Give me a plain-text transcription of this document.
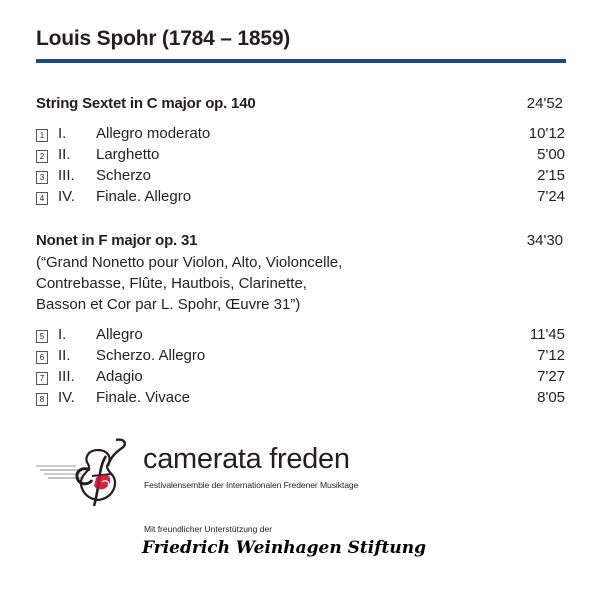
Louis Spohr (1784 – 1859)
String Sextet in C major op. 140	24'52
1 I. Allegro moderato	10'12
2 II. Larghetto	5'00
3 III. Scherzo	2'15
4 IV. Finale. Allegro	7'24
Nonet in F major op. 31	34'30
(“Grand Nonetto pour Violon, Alto, Violoncelle,
Contrebasse, Flûte, Hautbois, Clarinette,
Basson et Cor par L. Spohr, Œuvre 31”)
5 I. Allegro	11'45
6 II. Scherzo. Allegro	7'12
7 III. Adagio	7'27
8 IV. Finale. Vivace	8'05
camerata freden
Festivalensemble der Internationalen Fredener Musiktage
Mit freundlicher Unterstützung der
Friedrich Weinhagen Stiftung
